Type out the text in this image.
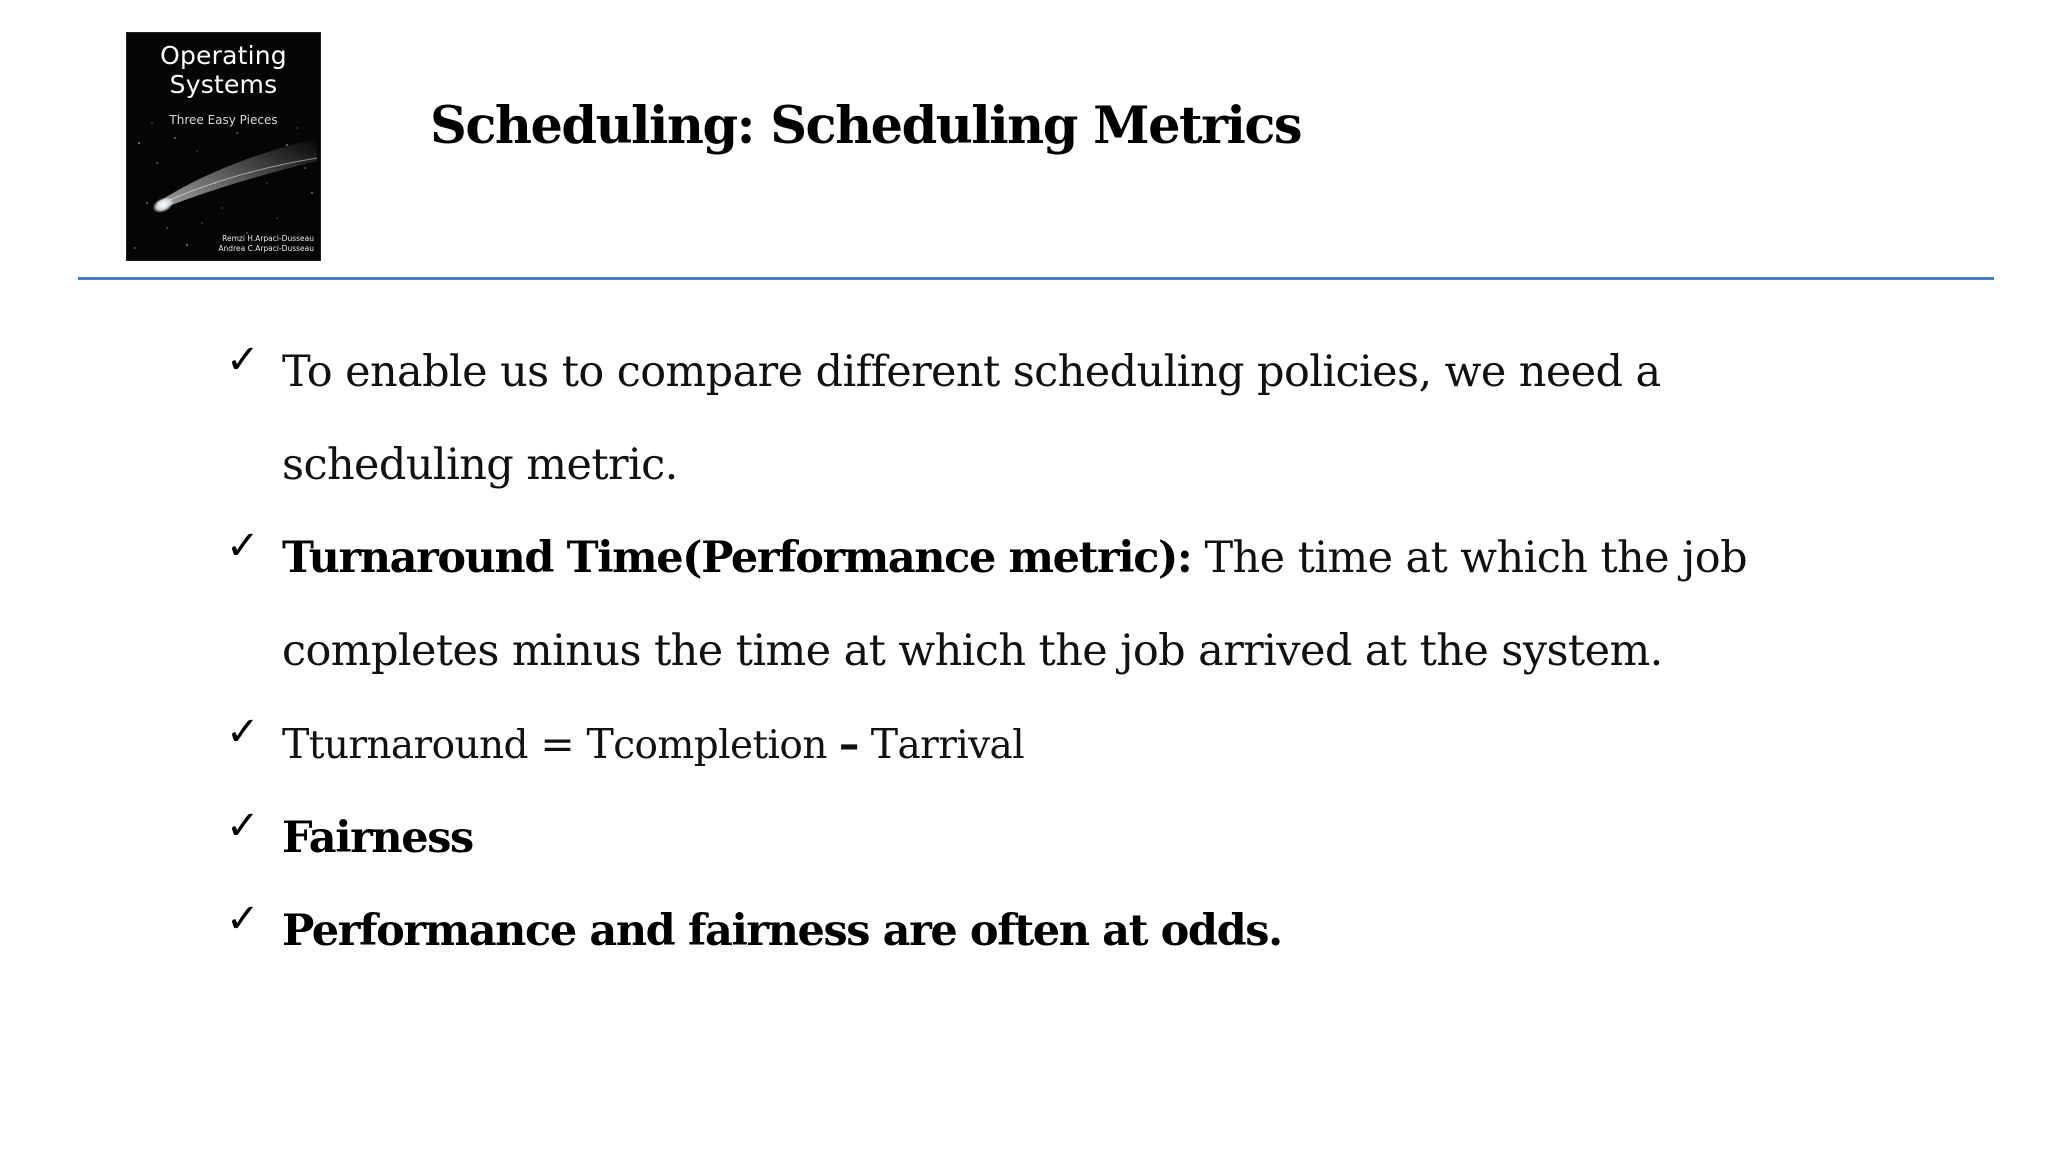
Operating
Systems
Three Easy Pieces
Remzi H.Arpaci-Dusseau
Andrea C.Arpaci-Dusseau
Scheduling: Scheduling Metrics
✓ To enable us to compare different scheduling policies, we need a scheduling metric.
✓ Turnaround Time(Performance metric): The time at which the job completes minus the time at which the job arrived at the system.
✓ Tturnaround = Tcompletion – Tarrival
✓ Fairness
✓ Performance and fairness are often at odds.
